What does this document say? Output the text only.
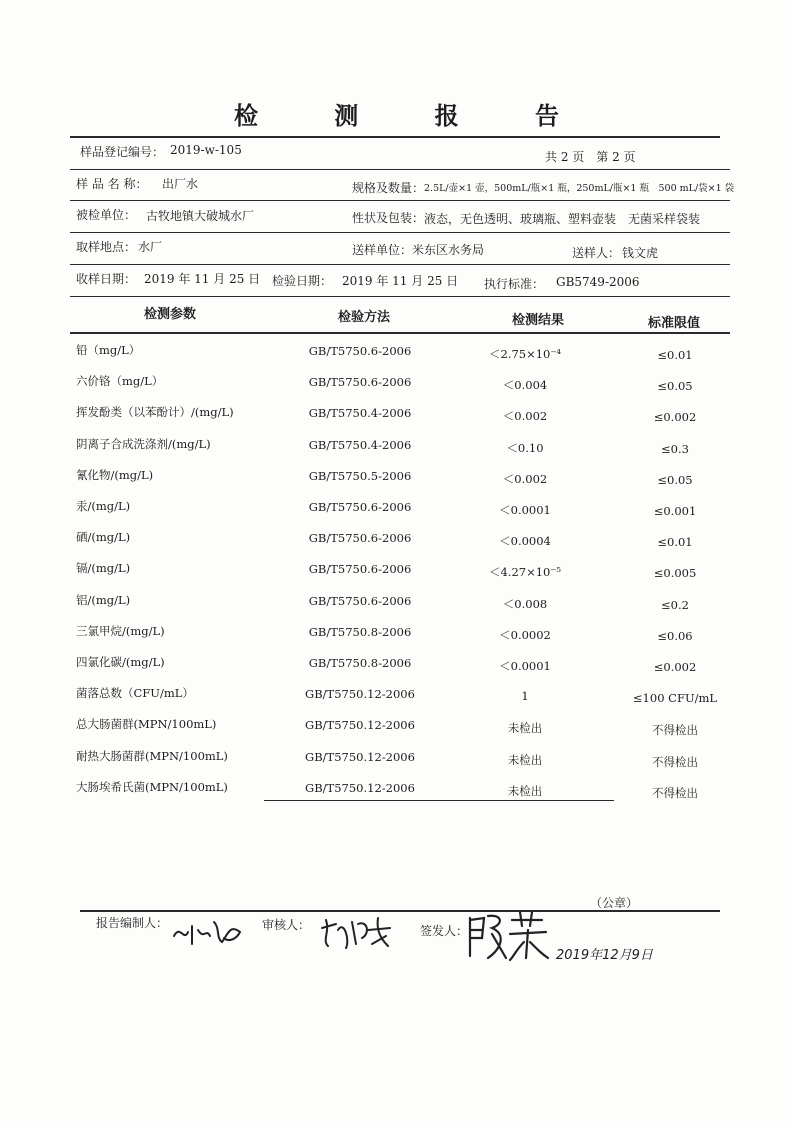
检 测 报 告
样品登记编号： 2019-w-105	共 2 页　第 2 页
样 品 名 称： 出厂水	规格及数量： 2.5L/壶×1 壶，500mL/瓶×1 瓶，250mL/瓶×1 瓶　500 mL/袋×1 袋
被检单位： 古牧地镇大破城水厂	性状及包装： 液态，无色透明、玻璃瓶、塑料壶装　无菌采样袋装
取样地点： 水厂	送样单位： 米东区水务局	送样人： 钱文虎
收样日期： 2019 年 11 月 25 日 检验日期： 2019 年 11 月 25 日 执行标准： GB5749-2006
检测参数	检验方法	检测结果	标准限值
铅（mg/L）	GB/T5750.6-2006	＜2.75×10⁻⁴	≤0.01
六价铬（mg/L）	GB/T5750.6-2006	＜0.004	≤0.05
挥发酚类（以苯酚计）/(mg/L)	GB/T5750.4-2006	＜0.002	≤0.002
阴离子合成洗涤剂/(mg/L)	GB/T5750.4-2006	＜0.10	≤0.3
氰化物/(mg/L)	GB/T5750.5-2006	＜0.002	≤0.05
汞/(mg/L)	GB/T5750.6-2006	＜0.0001	≤0.001
硒/(mg/L)	GB/T5750.6-2006	＜0.0004	≤0.01
镉/(mg/L)	GB/T5750.6-2006	＜4.27×10⁻⁵	≤0.005
铝/(mg/L)	GB/T5750.6-2006	＜0.008	≤0.2
三氯甲烷/(mg/L)	GB/T5750.8-2006	＜0.0002	≤0.06
四氯化碳/(mg/L)	GB/T5750.8-2006	＜0.0001	≤0.002
菌落总数（CFU/mL）	GB/T5750.12-2006	1	≤100 CFU/mL
总大肠菌群(MPN/100mL)	GB/T5750.12-2006	未检出	不得检出
耐热大肠菌群(MPN/100mL)	GB/T5750.12-2006	未检出	不得检出
大肠埃希氏菌(MPN/100mL)	GB/T5750.12-2006	未检出	不得检出
（公章）
报告编制人：	审核人：	签发人：
2019年12月9日
